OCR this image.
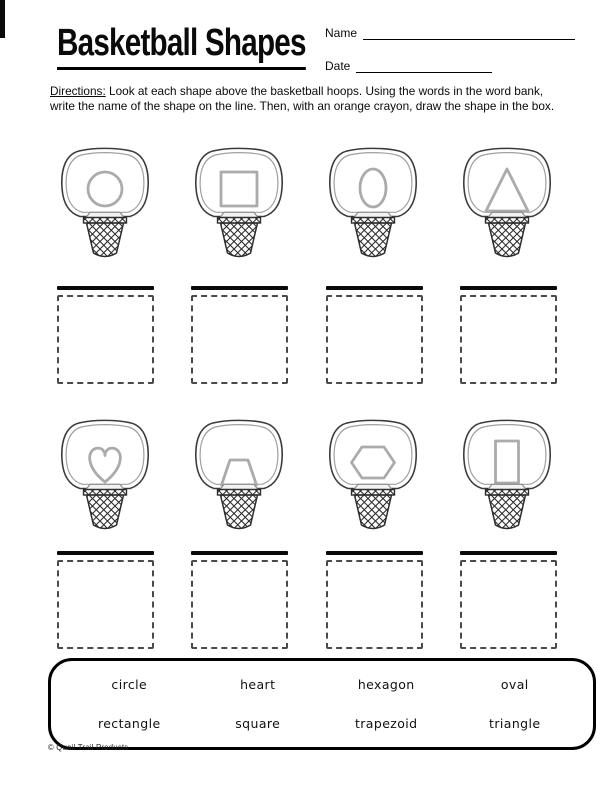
Basketball Shapes	Name
Date

Directions: Look at each shape above the basketball hoops. Using the words in the word bank, write the name of the shape on the line. Then, with an orange crayon, draw the shape in the box.

circle	heart	hexagon	oval
rectangle	square	trapezoid	triangle
© Quail Trail Products
